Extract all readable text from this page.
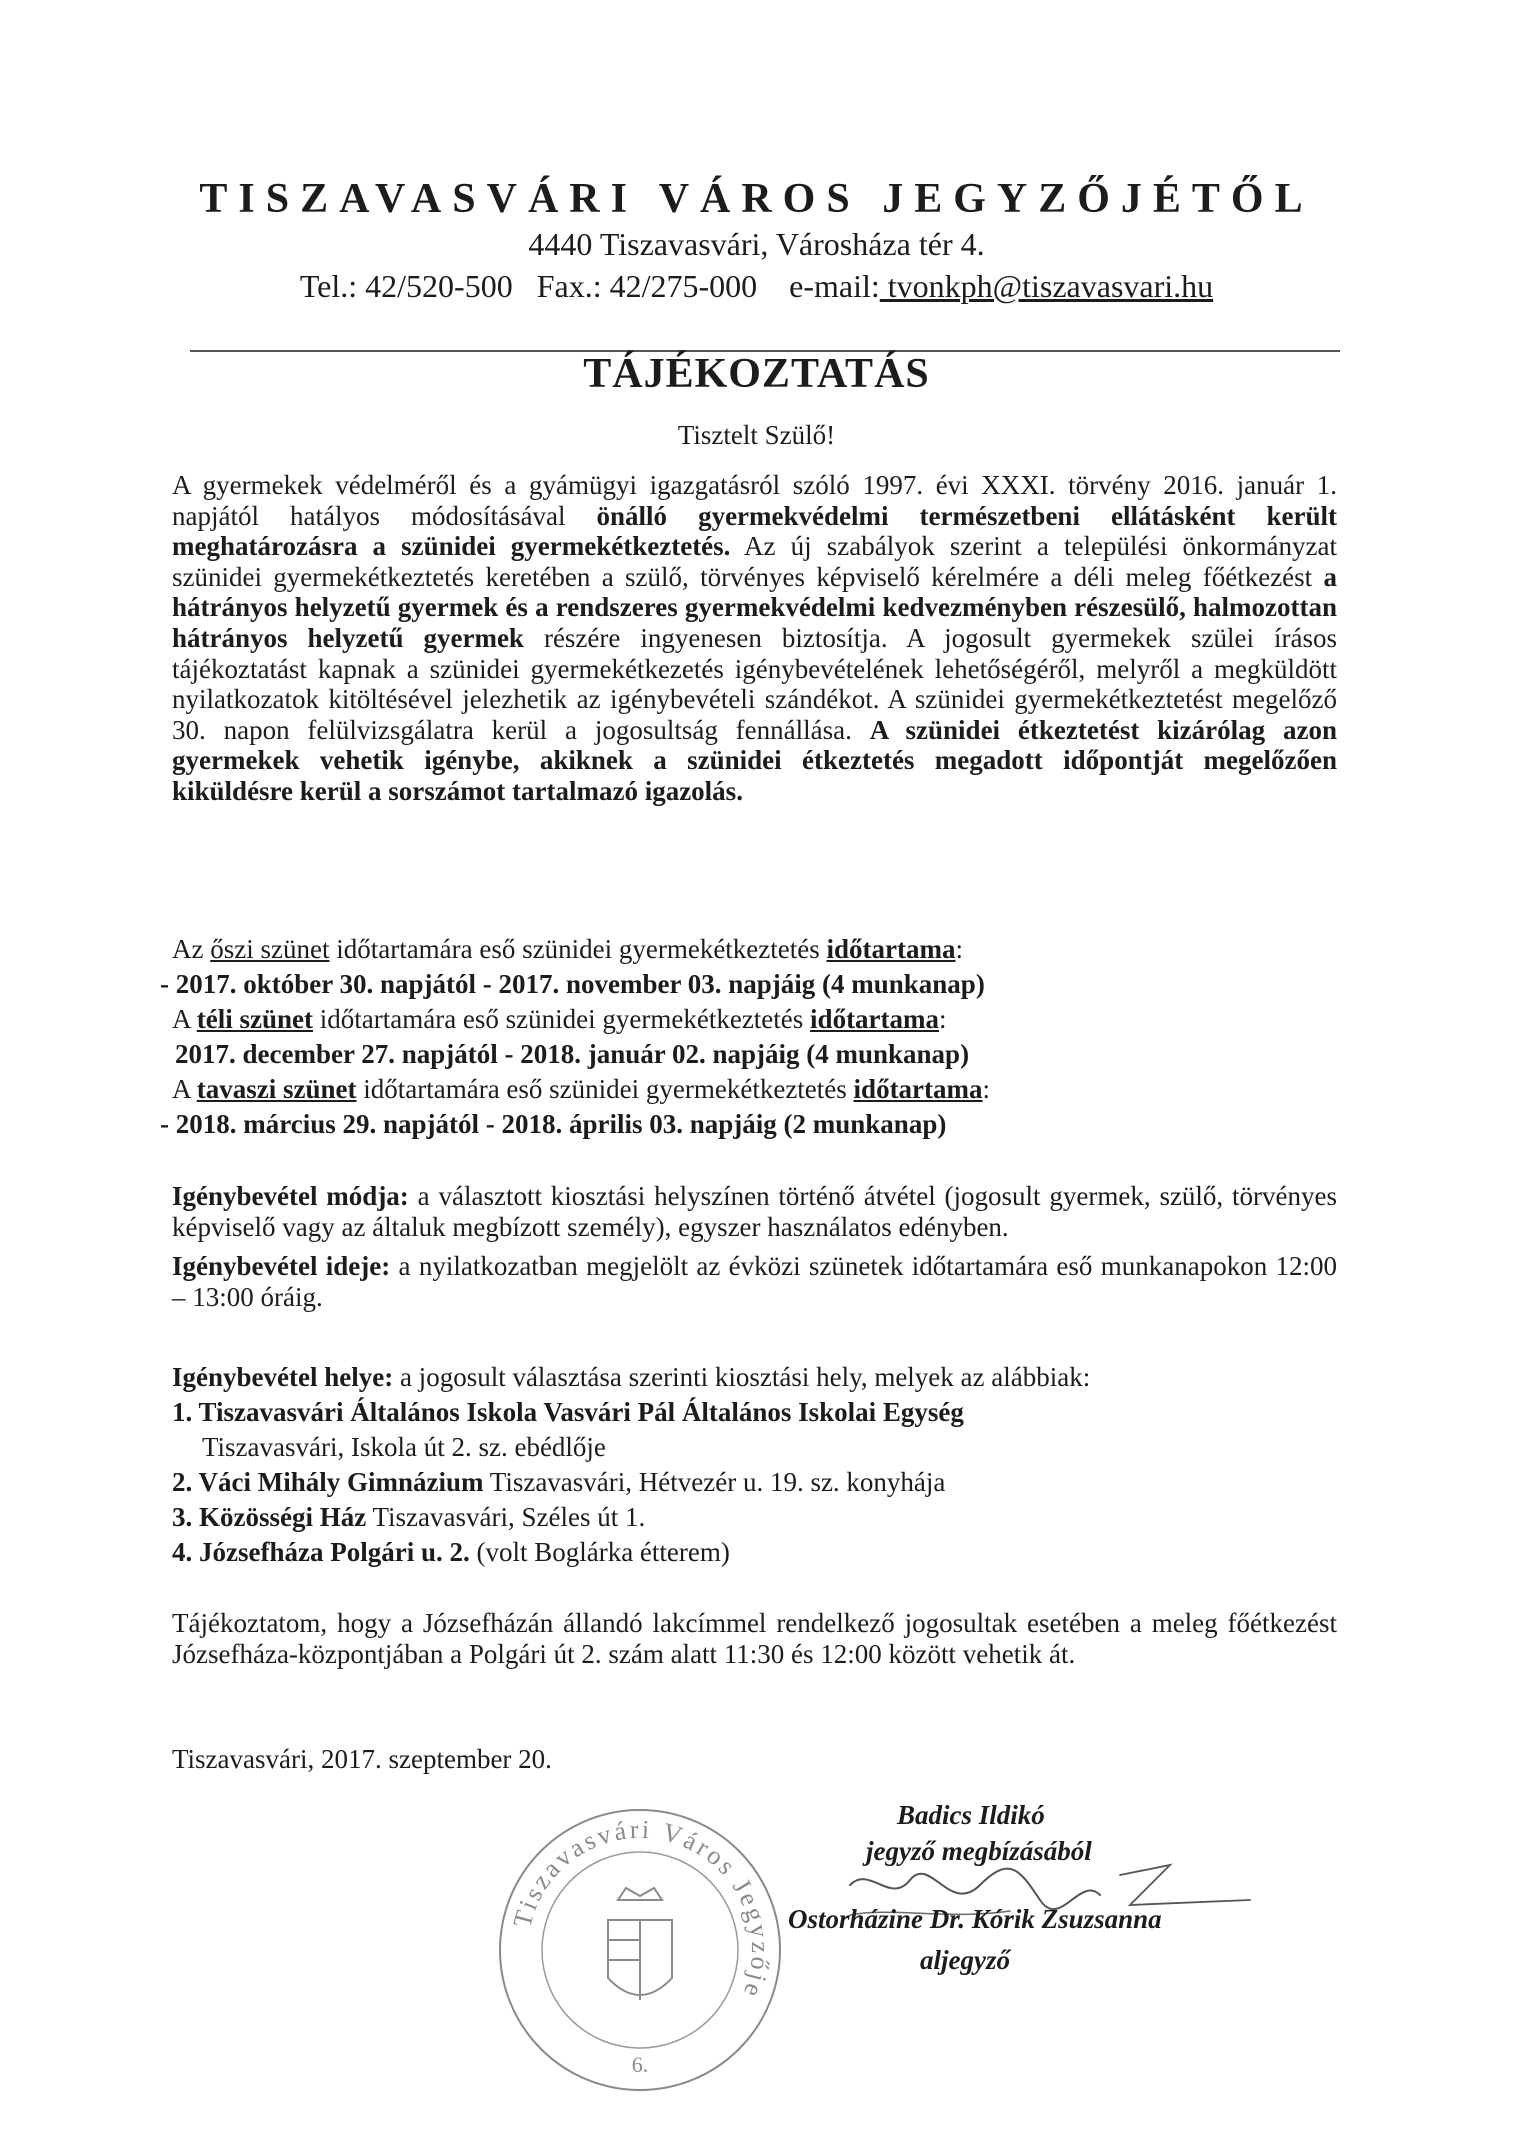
TISZAVASVÁRI VÁROS JEGYZŐJÉTŐL
4440 Tiszavasvári, Városháza tér 4.
Tel.: 42/520-500 Fax.: 42/275-000 e-mail: tvonkph@tiszavasvari.hu
TÁJÉKOZTATÁS
Tisztelt Szülő!
A gyermekek védelméről és a gyámügyi igazgatásról szóló 1997. évi XXXI. törvény 2016. január 1. napjától hatályos módosításával önálló gyermekvédelmi természetbeni ellátásként került meghatározásra a szünidei gyermekétkeztetés. Az új szabályok szerint a települési önkormányzat szünidei gyermekétkeztetés keretében a szülő, törvényes képviselő kérelmére a déli meleg főétkezést a hátrányos helyzetű gyermek és a rendszeres gyermekvédelmi kedvezményben részesülő, halmozottan hátrányos helyzetű gyermek részére ingyenesen biztosítja. A jogosult gyermekek szülei írásos tájékoztatást kapnak a szünidei gyermekétkezetés igénybevételének lehetőségéről, melyről a megküldött nyilatkozatok kitöltésével jelezhetik az igénybevételi szándékot. A szünidei gyermekétkeztetést megelőző 30. napon felülvizsgálatra kerül a jogosultság fennállása. A szünidei étkeztetést kizárólag azon gyermekek vehetik igénybe, akiknek a szünidei étkeztetés megadott időpontját megelőzően kiküldésre kerül a sorszámot tartalmazó igazolás.
Az őszi szünet időtartamára eső szünidei gyermekétkeztetés időtartama:
- 2017. október 30. napjától - 2017. november 03. napjáig (4 munkanap)
A téli szünet időtartamára eső szünidei gyermekétkeztetés időtartama:
2017. december 27. napjától - 2018. január 02. napjáig (4 munkanap)
A tavaszi szünet időtartamára eső szünidei gyermekétkeztetés időtartama:
- 2018. március 29. napjától - 2018. április 03. napjáig (2 munkanap)
Igénybevétel módja: a választott kiosztási helyszínen történő átvétel (jogosult gyermek, szülő, törvényes képviselő vagy az általuk megbízott személy), egyszer használatos edényben.
Igénybevétel ideje: a nyilatkozatban megjelölt az évközi szünetek időtartamára eső munkanapokon 12:00 – 13:00 óráig.
Igénybevétel helye: a jogosult választása szerinti kiosztási hely, melyek az alábbiak:
1. Tiszavasvári Általános Iskola Vasvári Pál Általános Iskolai Egység
Tiszavasvári, Iskola út 2. sz. ebédlője
2. Váci Mihály Gimnázium Tiszavasvári, Hétvezér u. 19. sz. konyhája
3. Közösségi Ház Tiszavasvári, Széles út 1.
4. Józsefháza Polgári u. 2. (volt Boglárka étterem)
Tájékoztatom, hogy a Józsefházán állandó lakcímmel rendelkező jogosultak esetében a meleg főétkezést Józsefháza-központjában a Polgári út 2. szám alatt 11:30 és 12:00 között vehetik át.
Tiszavasvári, 2017. szeptember 20.
Tiszavasvári Város Jegyzője
6.
Badics Ildikó
jegyző megbízásából
Ostorházine Dr. Kórik Zsuzsanna
aljegyző
